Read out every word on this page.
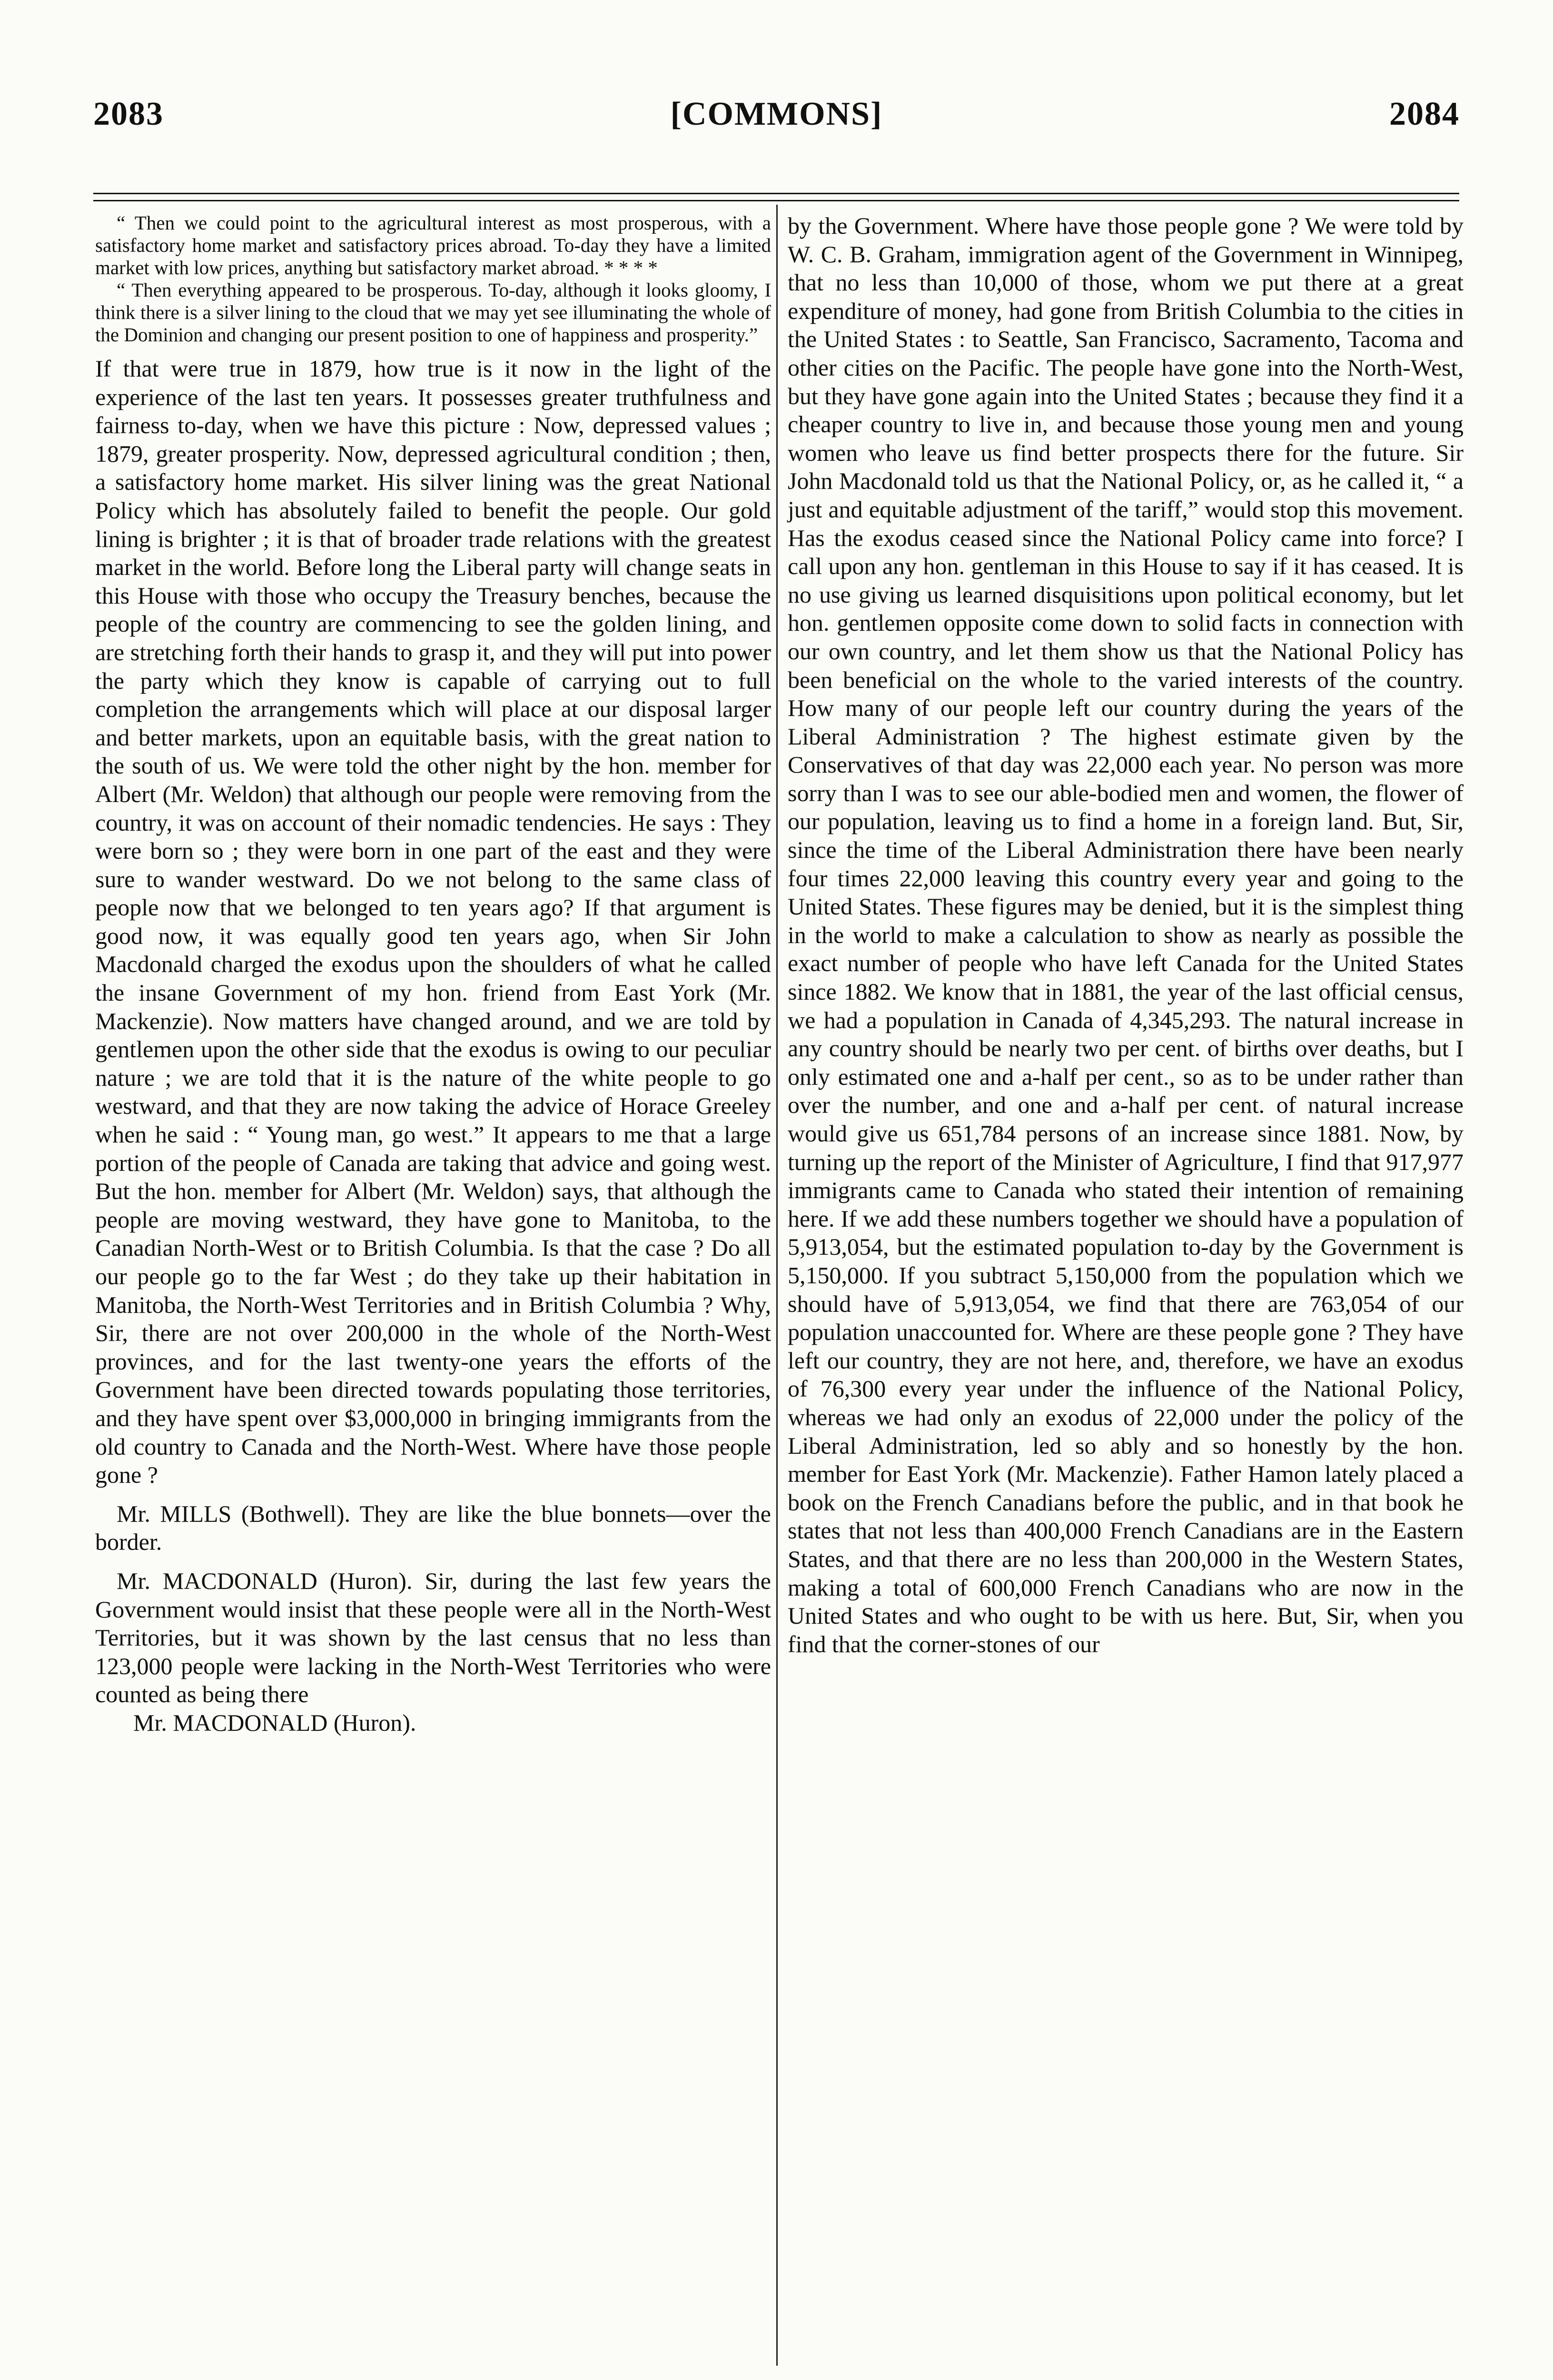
2083	[COMMONS]	2084

“ Then we could point to the agricultural interest as most prosperous, with a satisfactory home market and satisfactory prices abroad. To-day they have a limited market with low prices, anything but satisfactory market abroad. * * * *

“ Then everything appeared to be prosperous. To-day, although it looks gloomy, I think there is a silver lining to the cloud that we may yet see illuminating the whole of the Dominion and changing our present position to one of happiness and prosperity.”

If that were true in 1879, how true is it now in the light of the experience of the last ten years. It possesses greater truthfulness and fairness to-day, when we have this picture : Now, depressed values ; 1879, greater prosperity. Now, depressed agricultural condition ; then, a satisfactory home market. His silver lining was the great National Policy which has absolutely failed to benefit the people. Our gold lining is brighter ; it is that of broader trade relations with the greatest market in the world. Before long the Liberal party will change seats in this House with those who occupy the Treasury benches, because the people of the country are commencing to see the golden lining, and are stretching forth their hands to grasp it, and they will put into power the party which they know is capable of carrying out to full completion the arrangements which will place at our disposal larger and better markets, upon an equitable basis, with the great nation to the south of us. We were told the other night by the hon. member for Albert (Mr. Weldon) that although our people were removing from the country, it was on account of their nomadic tendencies. He says : They were born so ; they were born in one part of the east and they were sure to wander westward. Do we not belong to the same class of people now that we belonged to ten years ago? If that argument is good now, it was equally good ten years ago, when Sir John Macdonald charged the exodus upon the shoulders of what he called the insane Government of my hon. friend from East York (Mr. Mackenzie). Now matters have changed around, and we are told by gentlemen upon the other side that the exodus is owing to our peculiar nature ; we are told that it is the nature of the white people to go westward, and that they are now taking the advice of Horace Greeley when he said : “ Young man, go west.” It appears to me that a large portion of the people of Canada are taking that advice and going west. But the hon. member for Albert (Mr. Weldon) says, that although the people are moving westward, they have gone to Manitoba, to the Canadian North-West or to British Columbia. Is that the case ? Do all our people go to the far West ; do they take up their habitation in Manitoba, the North-West Territories and in British Columbia ? Why, Sir, there are not over 200,000 in the whole of the North-West provinces, and for the last twenty-one years the efforts of the Government have been directed towards populating those territories, and they have spent over $3,000,000 in bringing immigrants from the old country to Canada and the North-West. Where have those people gone ?

Mr. MILLS (Bothwell). They are like the blue bonnets—over the border.

Mr. MACDONALD (Huron). Sir, during the last few years the Government would insist that these people were all in the North-West Territories, but it was shown by the last census that no less than 123,000 people were lacking in the North-West Territories who were counted as being there

Mr. MACDONALD (Huron).

by the Government. Where have those people gone ? We were told by W. C. B. Graham, immigration agent of the Government in Winnipeg, that no less than 10,000 of those, whom we put there at a great expenditure of money, had gone from British Columbia to the cities in the United States : to Seattle, San Francisco, Sacramento, Tacoma and other cities on the Pacific. The people have gone into the North-West, but they have gone again into the United States ; because they find it a cheaper country to live in, and because those young men and young women who leave us find better prospects there for the future. Sir John Macdonald told us that the National Policy, or, as he called it, “ a just and equitable adjustment of the tariff,” would stop this movement. Has the exodus ceased since the National Policy came into force? I call upon any hon. gentleman in this House to say if it has ceased. It is no use giving us learned disquisitions upon political economy, but let hon. gentlemen opposite come down to solid facts in connection with our own country, and let them show us that the National Policy has been beneficial on the whole to the varied interests of the country. How many of our people left our country during the years of the Liberal Administration ? The highest estimate given by the Conservatives of that day was 22,000 each year. No person was more sorry than I was to see our able-bodied men and women, the flower of our population, leaving us to find a home in a foreign land. But, Sir, since the time of the Liberal Administration there have been nearly four times 22,000 leaving this country every year and going to the United States. These figures may be denied, but it is the simplest thing in the world to make a calculation to show as nearly as possible the exact number of people who have left Canada for the United States since 1882. We know that in 1881, the year of the last official census, we had a population in Canada of 4,345,293. The natural increase in any country should be nearly two per cent. of births over deaths, but I only estimated one and a-half per cent., so as to be under rather than over the number, and one and a-half per cent. of natural increase would give us 651,784 persons of an increase since 1881. Now, by turning up the report of the Minister of Agriculture, I find that 917,977 immigrants came to Canada who stated their intention of remaining here. If we add these numbers together we should have a population of 5,913,054, but the estimated population to-day by the Government is 5,150,000. If you subtract 5,150,000 from the population which we should have of 5,913,054, we find that there are 763,054 of our population unaccounted for. Where are these people gone ? They have left our country, they are not here, and, therefore, we have an exodus of 76,300 every year under the influence of the National Policy, whereas we had only an exodus of 22,000 under the policy of the Liberal Administration, led so ably and so honestly by the hon. member for East York (Mr. Mackenzie). Father Hamon lately placed a book on the French Canadians before the public, and in that book he states that not less than 400,000 French Canadians are in the Eastern States, and that there are no less than 200,000 in the Western States, making a total of 600,000 French Canadians who are now in the United States and who ought to be with us here. But, Sir, when you find that the corner-stones of our
